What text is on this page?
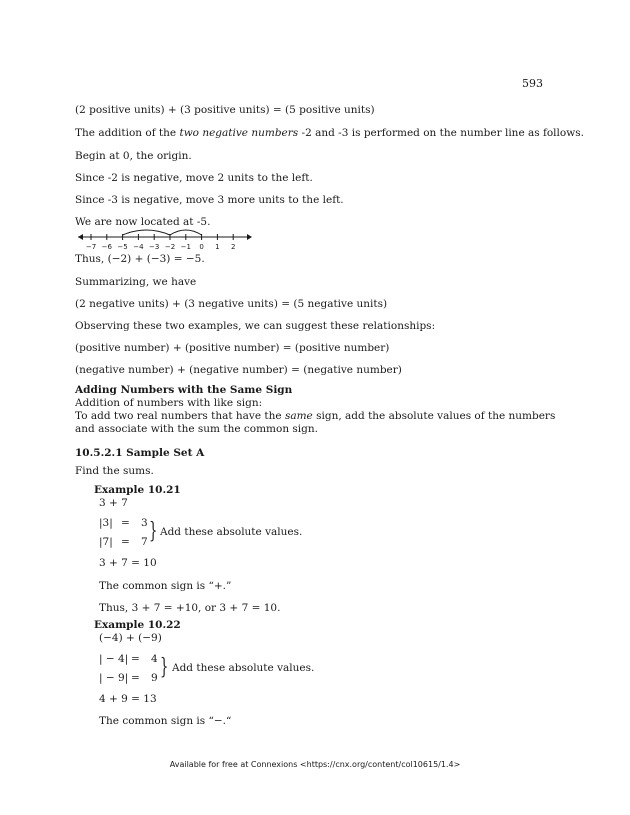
593
(2 positive units) + (3 positive units) = (5 positive units)
The addition of the two negative numbers -2 and -3 is performed on the number line as follows.
Begin at 0, the origin.
Since -2 is negative, move 2 units to the left.
Since -3 is negative, move 3 more units to the left.
We are now located at -5.
−7 −6 −5 −4 −3 −2 −1 0 1 2
Thus, (−2) + (−3) = −5.
Summarizing, we have
(2 negative units) + (3 negative units) = (5 negative units)
Observing these two examples, we can suggest these relationships:
(positive number) + (positive number) = (positive number)
(negative number) + (negative number) = (negative number)
Adding Numbers with the Same Sign
Addition of numbers with like sign:
To add two real numbers that have the same sign, add the absolute values of the numbers and associate with the sum the common sign.
10.5.2.1 Sample Set A
Find the sums.
Example 10.21
3 + 7
|3| = 3
|7| = 7 } Add these absolute values.
3 + 7 = 10
The common sign is “+.”
Thus, 3 + 7 = +10, or 3 + 7 = 10.
Example 10.22
(−4) + (−9)
| − 4| = 4
| − 9| = 9 } Add these absolute values.
4 + 9 = 13
The common sign is “−.“
Available for free at Connexions <https://cnx.org/content/col10615/1.4>
